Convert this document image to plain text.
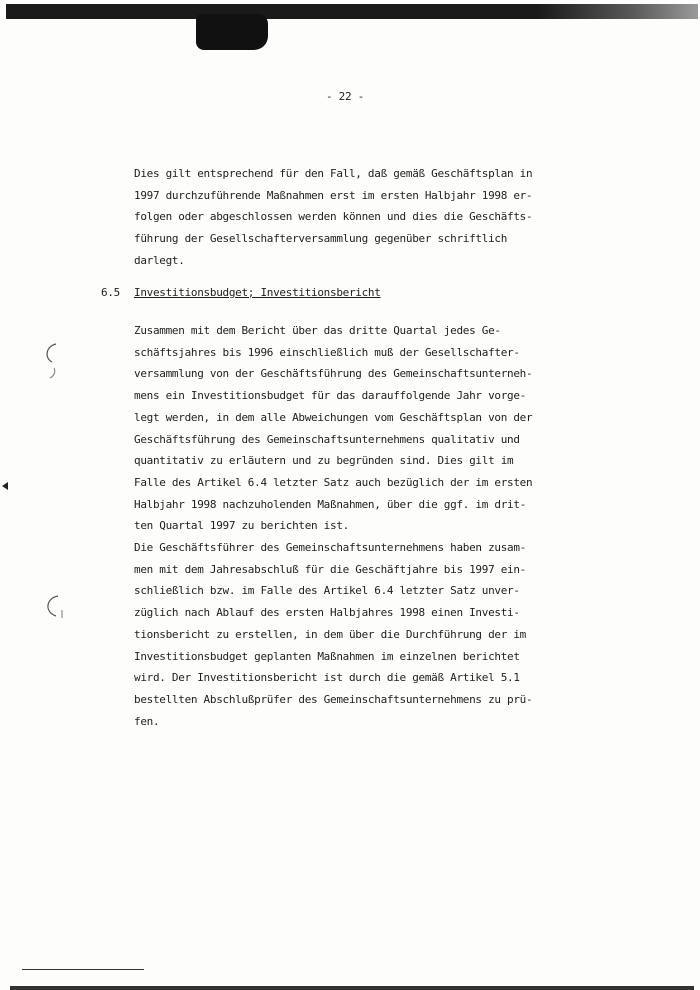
- 22 -
Dies gilt entsprechend für den Fall, daß gemäß Geschäftsplan in
1997 durchzuführende Maßnahmen erst im ersten Halbjahr 1998 er-
folgen oder abgeschlossen werden können und dies die Geschäfts-
führung der Gesellschafterversammlung gegenüber schriftlich
darlegt.
6.5 Investitionsbudget; Investitionsbericht
Zusammen mit dem Bericht über das dritte Quartal jedes Ge-
schäftsjahres bis 1996 einschließlich muß der Gesellschafter-
versammlung von der Geschäftsführung des Gemeinschaftsunterneh-
mens ein Investitionsbudget für das darauffolgende Jahr vorge-
legt werden, in dem alle Abweichungen vom Geschäftsplan von der
Geschäftsführung des Gemeinschaftsunternehmens qualitativ und
quantitativ zu erläutern und zu begründen sind. Dies gilt im
Falle des Artikel 6.4 letzter Satz auch bezüglich der im ersten
Halbjahr 1998 nachzuholenden Maßnahmen, über die ggf. im drit-
ten Quartal 1997 zu berichten ist.
Die Geschäftsführer des Gemeinschaftsunternehmens haben zusam-
men mit dem Jahresabschluß für die Geschäftjahre bis 1997 ein-
schließlich bzw. im Falle des Artikel 6.4 letzter Satz unver-
züglich nach Ablauf des ersten Halbjahres 1998 einen Investi-
tionsbericht zu erstellen, in dem über die Durchführung der im
Investitionsbudget geplanten Maßnahmen im einzelnen berichtet
wird. Der Investitionsbericht ist durch die gemäß Artikel 5.1
bestellten Abschlußprüfer des Gemeinschaftsunternehmens zu prü-
fen.
